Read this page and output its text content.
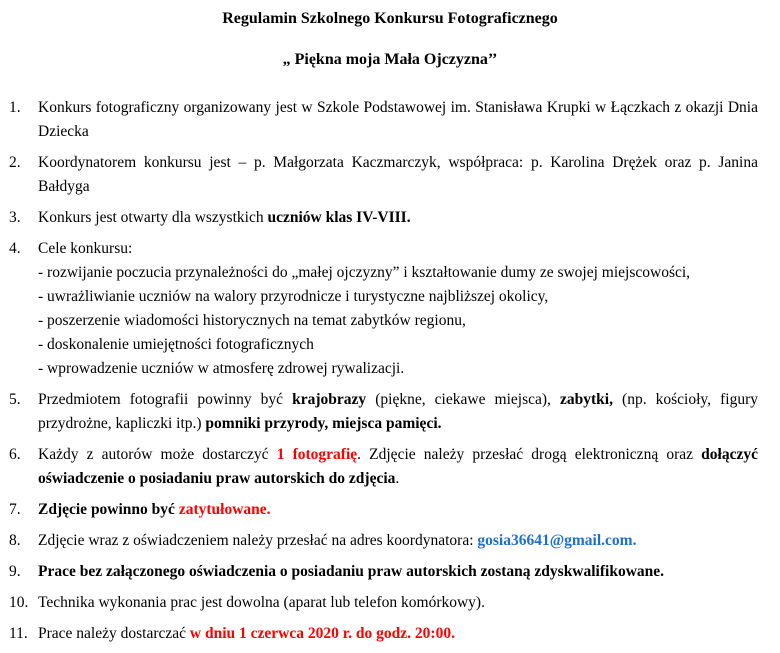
Regulamin Szkolnego Konkursu Fotograficznego
„ Piękna moja Mała Ojczyzna’’
1. Konkurs fotograficzny organizowany jest w Szkole Podstawowej im. Stanisława Krupki w Łączkach z okazji Dnia Dziecka
2. Koordynatorem konkursu jest – p. Małgorzata Kaczmarczyk, współpraca: p. Karolina Drężek oraz p. Janina Bałdyga
3. Konkurs jest otwarty dla wszystkich uczniów klas IV-VIII.
4. Cele konkursu:
- rozwijanie poczucia przynależności do „małej ojczyzny” i kształtowanie dumy ze swojej miejscowości,
- uwrażliwianie uczniów na walory przyrodnicze i turystyczne najbliższej okolicy,
- poszerzenie wiadomości historycznych na temat zabytków regionu,
- doskonalenie umiejętności fotograficznych
- wprowadzenie uczniów w atmosferę zdrowej rywalizacji.
5. Przedmiotem fotografii powinny być krajobrazy (piękne, ciekawe miejsca), zabytki, (np. kościoły, figury przydrożne, kapliczki itp.) pomniki przyrody, miejsca pamięci.
6. Każdy z autorów może dostarczyć 1 fotografię. Zdjęcie należy przesłać drogą elektroniczną oraz dołączyć oświadczenie o posiadaniu praw autorskich do zdjęcia.
7. Zdjęcie powinno być zatytułowane.
8. Zdjęcie wraz z oświadczeniem należy przesłać na adres koordynatora: gosia36641@gmail.com.
9. Prace bez załączonego oświadczenia o posiadaniu praw autorskich zostaną zdyskwalifikowane.
10. Technika wykonania prac jest dowolna (aparat lub telefon komórkowy).
11. Prace należy dostarczać w dniu 1 czerwca 2020 r. do godz. 20:00.
